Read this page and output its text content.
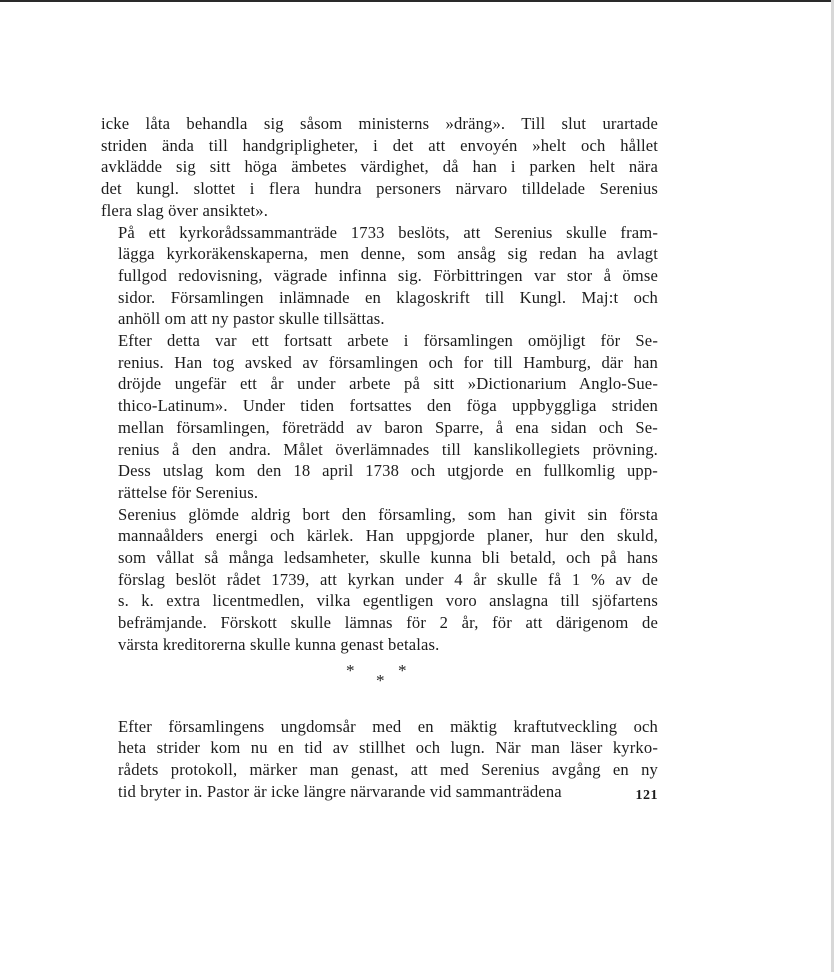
icke låta behandla sig såsom ministerns »dräng». Till slut urartade
striden ända till handgripligheter, i det att envoyén »helt och hållet
avklädde sig sitt höga ämbetes värdighet, då han i parken helt nära
det kungl. slottet i flera hundra personers närvaro tilldelade Serenius
flera slag över ansiktet».

På ett kyrkorådssammanträde 1733 beslöts, att Serenius skulle fram-
lägga kyrkoräkenskaperna, men denne, som ansåg sig redan ha avlagt
fullgod redovisning, vägrade infinna sig. Förbittringen var stor å ömse
sidor. Församlingen inlämnade en klagoskrift till Kungl. Maj:t och
anhöll om att ny pastor skulle tillsättas.

Efter detta var ett fortsatt arbete i församlingen omöjligt för Se-
renius. Han tog avsked av församlingen och for till Hamburg, där han
dröjde ungefär ett år under arbete på sitt »Dictionarium Anglo-Sue-
thico-Latinum». Under tiden fortsattes den föga uppbyggliga striden
mellan församlingen, företrädd av baron Sparre, å ena sidan och Se-
renius å den andra. Målet överlämnades till kanslikollegiets prövning.
Dess utslag kom den 18 april 1738 och utgjorde en fullkomlig upp-
rättelse för Serenius.

Serenius glömde aldrig bort den församling, som han givit sin första
mannaålders energi och kärlek. Han uppgjorde planer, hur den skuld,
som vållat så många ledsamheter, skulle kunna bli betald, och på hans
förslag beslöt rådet 1739, att kyrkan under 4 år skulle få 1 % av de
s. k. extra licentmedlen, vilka egentligen voro anslagna till sjöfartens
befrämjande. Förskott skulle lämnas för 2 år, för att därigenom de
värsta kreditorerna skulle kunna genast betalas.

*
*
*

Efter församlingens ungdomsår med en mäktig kraftutveckling och
heta strider kom nu en tid av stillhet och lugn. När man läser kyrko-
rådets protokoll, märker man genast, att med Serenius avgång en ny
tid bryter in. Pastor är icke längre närvarande vid sammanträdena	121
